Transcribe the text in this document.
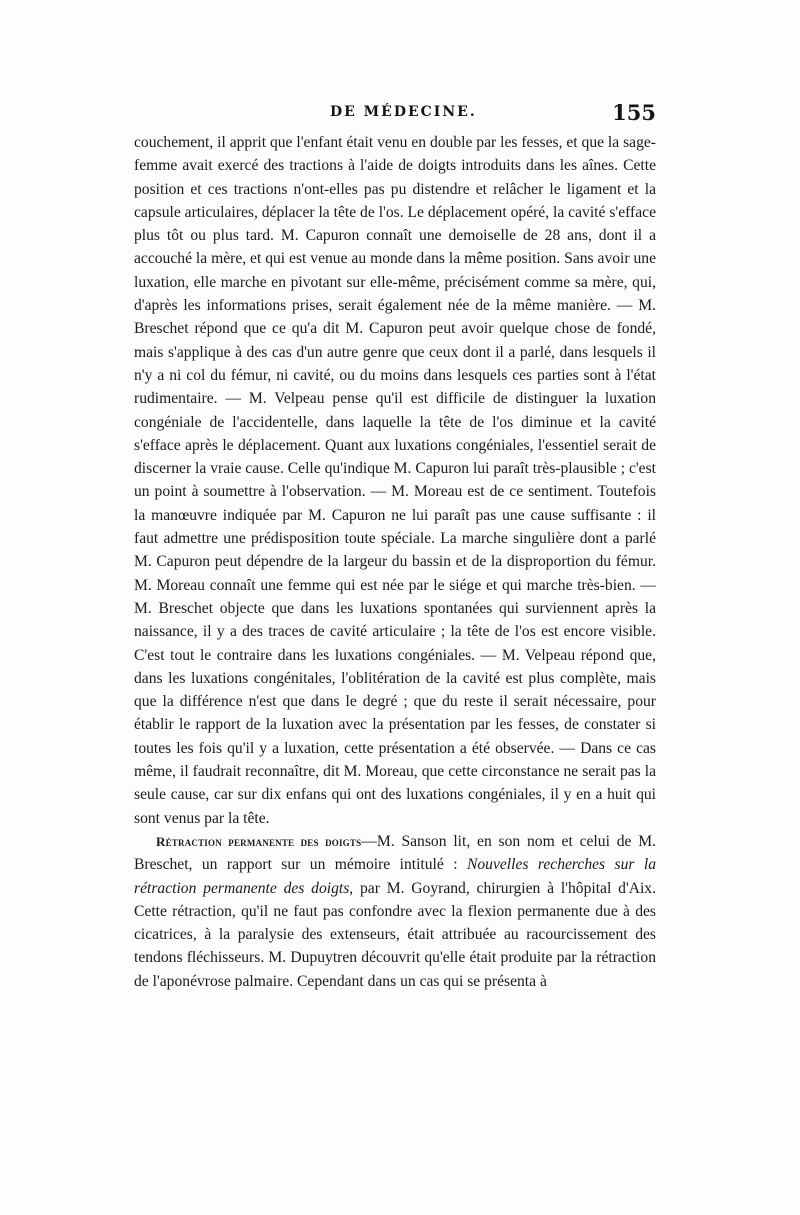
DE MÉDECINE.	155

couchement, il apprit que l'enfant était venu en double par les fesses, et que la sage-femme avait exercé des tractions à l'aide de doigts introduits dans les aînes. Cette position et ces tractions n'ont-elles pas pu distendre et relâcher le ligament et la capsule articulaires, déplacer la tête de l'os. Le déplacement opéré, la cavité s'efface plus tôt ou plus tard. M. Capuron connaît une demoiselle de 28 ans, dont il a accouché la mère, et qui est venue au monde dans la même position. Sans avoir une luxation, elle marche en pivotant sur elle-même, précisément comme sa mère, qui, d'après les informations prises, serait également née de la même manière. — M. Breschet répond que ce qu'a dit M. Capuron peut avoir quelque chose de fondé, mais s'applique à des cas d'un autre genre que ceux dont il a parlé, dans lesquels il n'y a ni col du fémur, ni cavité, ou du moins dans lesquels ces parties sont à l'état rudimentaire. — M. Velpeau pense qu'il est difficile de distinguer la luxation congéniale de l'accidentelle, dans laquelle la tête de l'os diminue et la cavité s'efface après le déplacement. Quant aux luxations congéniales, l'essentiel serait de discerner la vraie cause. Celle qu'indique M. Capuron lui paraît très-plausible ; c'est un point à soumettre à l'observation. — M. Moreau est de ce sentiment. Toutefois la manœuvre indiquée par M. Capuron ne lui paraît pas une cause suffisante : il faut admettre une prédisposition toute spéciale. La marche singulière dont a parlé M. Capuron peut dépendre de la largeur du bassin et de la disproportion du fémur. M. Moreau connaît une femme qui est née par le siége et qui marche très-bien. — M. Breschet objecte que dans les luxations spontanées qui surviennent après la naissance, il y a des traces de cavité articulaire ; la tête de l'os est encore visible. C'est tout le contraire dans les luxations congéniales. — M. Velpeau répond que, dans les luxations congénitales, l'oblitération de la cavité est plus complète, mais que la différence n'est que dans le degré ; que du reste il serait nécessaire, pour établir le rapport de la luxation avec la présentation par les fesses, de constater si toutes les fois qu'il y a luxation, cette présentation a été observée. — Dans ce cas même, il faudrait reconnaître, dit M. Moreau, que cette circonstance ne serait pas la seule cause, car sur dix enfans qui ont des luxations congéniales, il y en a huit qui sont venus par la tête.

Rétraction permanente des doigts—M. Sanson lit, en son nom et celui de M. Breschet, un rapport sur un mémoire intitulé : Nouvelles recherches sur la rétraction permanente des doigts, par M. Goyrand, chirurgien à l'hôpital d'Aix. Cette rétraction, qu'il ne faut pas confondre avec la flexion permanente due à des cicatrices, à la paralysie des extenseurs, était attribuée au racourcissement des tendons fléchisseurs. M. Dupuytren découvrit qu'elle était produite par la rétraction de l'aponévrose palmaire. Cependant dans un cas qui se présenta à
